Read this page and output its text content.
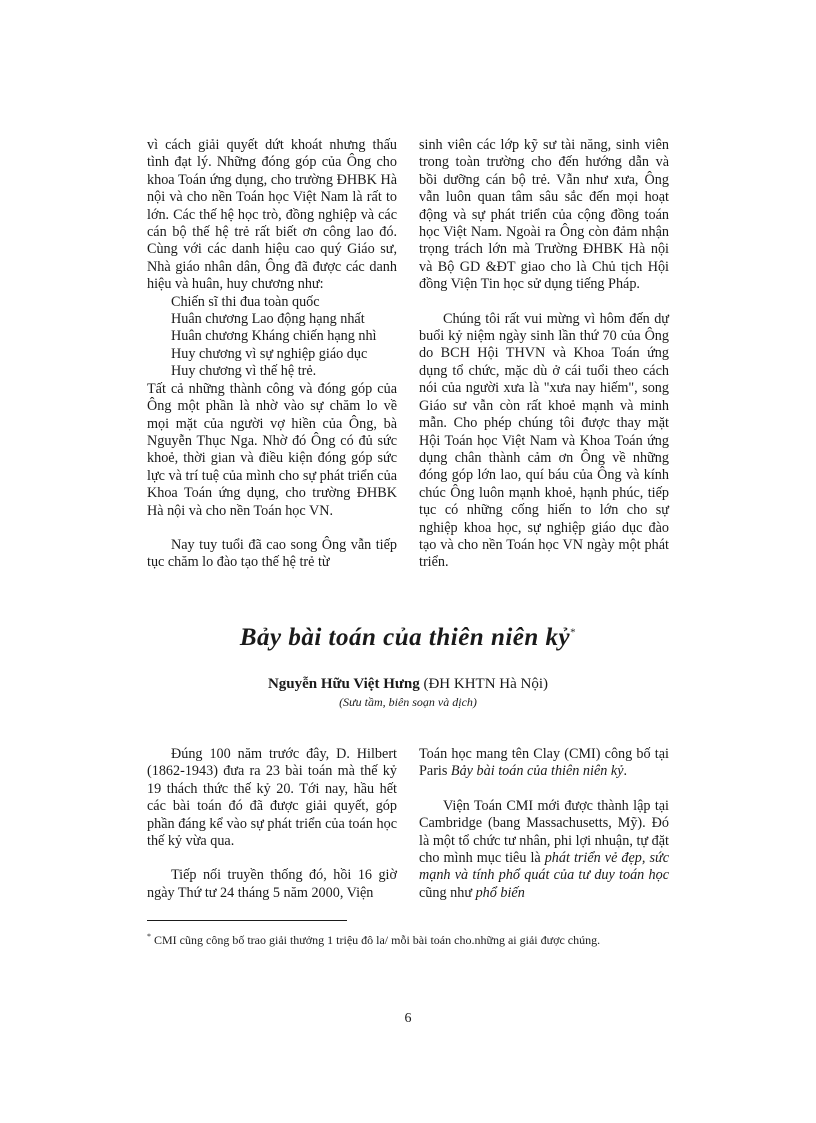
vì cách giải quyết dứt khoát nhưng thấu tình đạt lý. Những đóng góp của Ông cho khoa Toán ứng dụng, cho trường ĐHBK Hà nội và cho nền Toán học Việt Nam là rất to lớn. Các thế hệ học trò, đồng nghiệp và các cán bộ thế hệ trẻ rất biết ơn công lao đó. Cùng với các danh hiệu cao quý Giáo sư, Nhà giáo nhân dân, Ông đã được các danh hiệu và huân, huy chương như:

Chiến sĩ thi đua toàn quốc

Huân chương Lao động hạng nhất

Huân chương Kháng chiến hạng nhì

Huy chương vì sự nghiệp giáo dục

Huy chương vì thế hệ trẻ.

Tất cả những thành công và đóng góp của Ông một phần là nhờ vào sự chăm lo về mọi mặt của người vợ hiền của Ông, bà Nguyễn Thục Nga. Nhờ đó Ông có đủ sức khoẻ, thời gian và điều kiện đóng góp sức lực và trí tuệ của mình cho sự phát triển của Khoa Toán ứng dụng, cho trường ĐHBK Hà nội và cho nền Toán học VN.

Nay tuy tuổi đã cao song Ông vẫn tiếp tục chăm lo đào tạo thế hệ trẻ từ

sinh viên các lớp kỹ sư tài năng, sinh viên trong toàn trường cho đến hướng dẫn và bồi dưỡng cán bộ trẻ. Vẫn như xưa, Ông vẫn luôn quan tâm sâu sắc đến mọi hoạt động và sự phát triển của cộng đồng toán học Việt Nam. Ngoài ra Ông còn đảm nhận trọng trách lớn mà Trường ĐHBK Hà nội và Bộ GD &ĐT giao cho là Chủ tịch Hội đồng Viện Tin học sử dụng tiếng Pháp.

Chúng tôi rất vui mừng vì hôm đến dự buổi kỷ niệm ngày sinh lần thứ 70 của Ông do BCH Hội THVN và Khoa Toán ứng dụng tổ chức, mặc dù ở cái tuổi theo cách nói của người xưa là "xưa nay hiếm", song Giáo sư vẫn còn rất khoẻ mạnh và minh mẫn. Cho phép chúng tôi được thay mặt Hội Toán học Việt Nam và Khoa Toán ứng dụng chân thành cảm ơn Ông về những đóng góp lớn lao, quí báu của Ông và kính chúc Ông luôn mạnh khoẻ, hạnh phúc, tiếp tục có những cống hiến to lớn cho sự nghiệp khoa học, sự nghiệp giáo dục đào tạo và cho nền Toán học VN ngày một phát triển.

Bảy bài toán của thiên niên kỷ*
Nguyễn Hữu Việt Hưng (ĐH KHTN Hà Nội)
(Sưu tầm, biên soạn và dịch)

Đúng 100 năm trước đây, D. Hilbert (1862-1943) đưa ra 23 bài toán mà thế kỷ 19 thách thức thế kỷ 20. Tới nay, hầu hết các bài toán đó đã được giải quyết, góp phần đáng kể vào sự phát triển của toán học thế kỷ vừa qua.

Tiếp nối truyền thống đó, hồi 16 giờ ngày Thứ tư 24 tháng 5 năm 2000, Viện

Toán học mang tên Clay (CMI) công bố tại Paris Bảy bài toán của thiên niên kỷ.

Viện Toán CMI mới được thành lập tại Cambridge (bang Massachusetts, Mỹ). Đó là một tổ chức tư nhân, phi lợi nhuận, tự đặt cho mình mục tiêu là phát triển vẻ đẹp, sức mạnh và tính phổ quát của tư duy toán học cũng như phổ biến

* CMI cũng công bố trao giải thưởng 1 triệu đô la/ mỗi bài toán cho.những ai giải được chúng.
6
